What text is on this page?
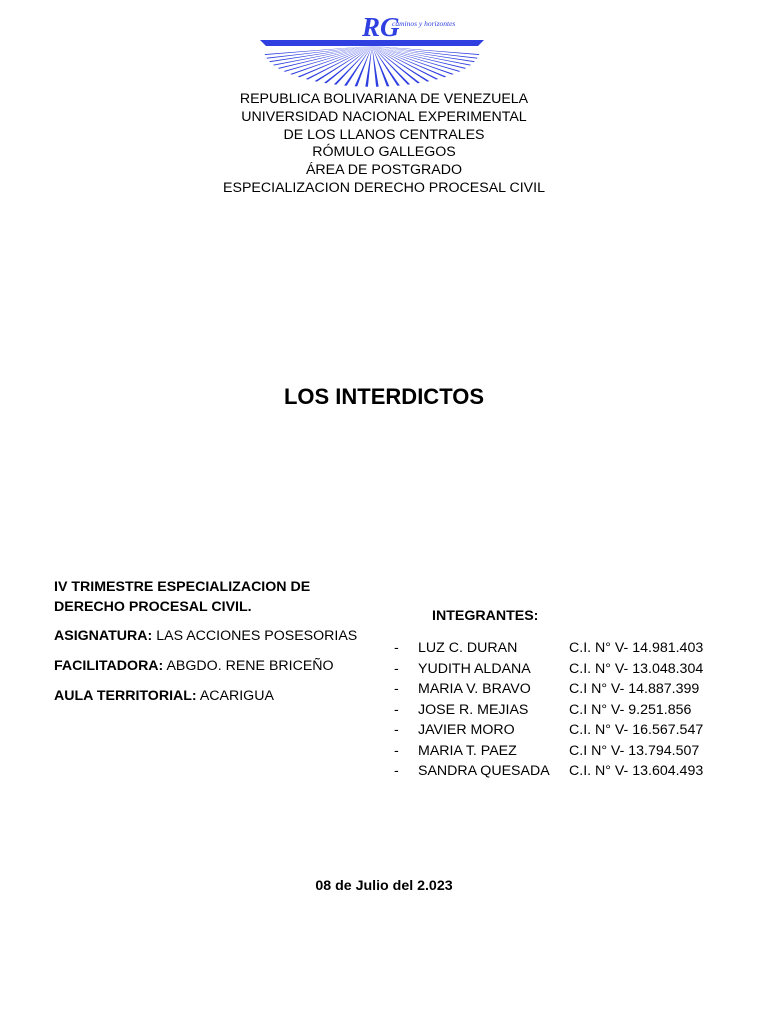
RG
caminos y horizontes
REPUBLICA BOLIVARIANA DE VENEZUELA
UNIVERSIDAD NACIONAL EXPERIMENTAL
DE LOS LLANOS CENTRALES
RÓMULO GALLEGOS
ÁREA DE POSTGRADO
ESPECIALIZACION DERECHO PROCESAL CIVIL
LOS INTERDICTOS
IV TRIMESTRE ESPECIALIZACION DE
DERECHO PROCESAL CIVIL.
ASIGNATURA: LAS ACCIONES POSESORIAS
FACILITADORA: ABGDO. RENE BRICEÑO
AULA TERRITORIAL: ACARIGUA
INTEGRANTES:
- LUZ C. DURAN	C.I. N° V- 14.981.403
- YUDITH ALDANA	C.I. N° V- 13.048.304
- MARIA V. BRAVO	C.I N° V- 14.887.399
- JOSE R. MEJIAS	C.I N° V- 9.251.856
- JAVIER MORO	C.I. N° V- 16.567.547
- MARIA T. PAEZ	C.I N° V- 13.794.507
- SANDRA QUESADA C.I. N° V- 13.604.493
08 de Julio del 2.023
